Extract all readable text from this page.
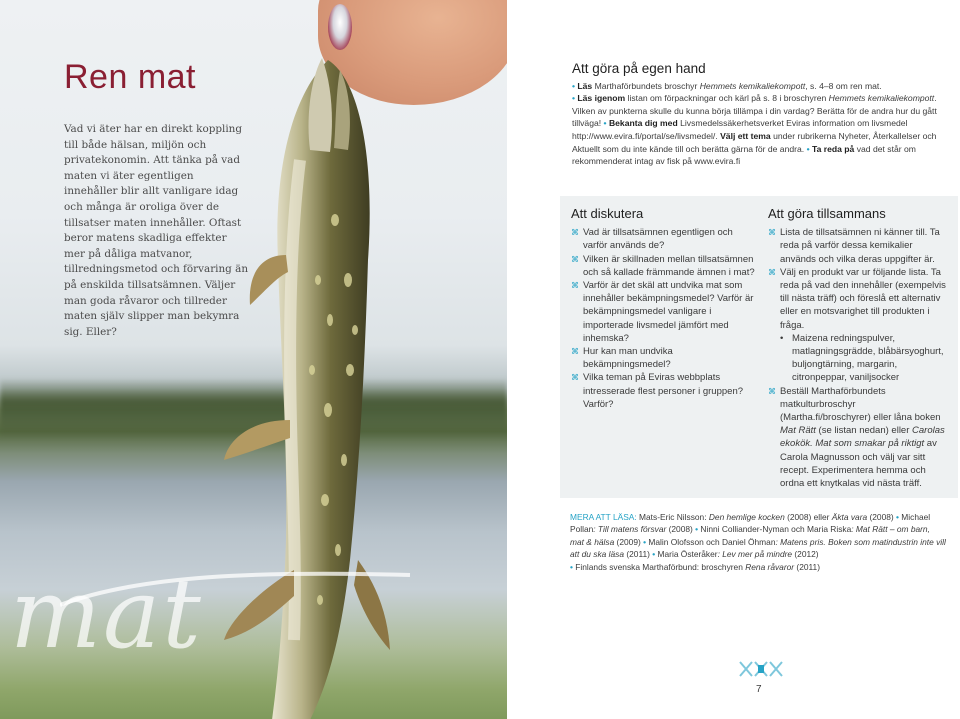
Ren mat

Vad vi äter har en direkt koppling till både hälsan, miljön och privatekonomin. Att tänka på vad maten vi äter egentligen innehåller blir allt vanligare idag och många är oroliga över de tillsatser maten innehåller. Oftast beror matens skadliga effekter mer på dåliga matvanor, tillredningsmetod och förvaring än på enskilda tillsatsämnen. Väljer man goda råvaror och tillreder maten själv slipper man bekymra sig. Eller?

mat
Att göra på egen hand
• Läs Marthaförbundets broschyr Hemmets kemikaliekompott, s. 4–8 om ren mat.
• Läs igenom listan om förpackningar och kärl på s. 8 i broschyren Hemmets kemikaliekompott. Vilken av punkterna skulle du kunna börja tillämpa i din vardag? Berätta för de andra hur du gått tillväga! • Bekanta dig med Livsmedelssäkerhetsverket Eviras information om livsmedel http://www.evira.fi/portal/se/livsmedel/. Välj ett tema under rubrikerna Nyheter, Återkallelser och Aktuellt som du inte kände till och berätta gärna för de andra. • Ta reda på vad det står om rekommenderat intag av fisk på www.evira.fi
Att diskutera
⌘ Vad är tillsatsämnen egentligen och varför används de?
⌘ Vilken är skillnaden mellan tillsatsämnen och så kallade främmande ämnen i mat?
⌘ Varför är det skäl att undvika mat som innehåller bekämpningsmedel? Varför är bekämpningsmedel vanligare i importerade livsmedel jämfört med inhemska?
⌘ Hur kan man undvika bekämpningsmedel?
⌘ Vilka teman på Eviras webbplats intresserade flest personer i gruppen? Varför?
Att göra tillsammans
⌘ Lista de tillsatsämnen ni känner till. Ta reda på varför dessa kemikalier används och vilka deras uppgifter är.
⌘ Välj en produkt var ur följande lista. Ta reda på vad den innehåller (exempelvis till nästa träff) och föreslå ett alternativ eller en motsvarighet till produkten i fråga.
• Maizena redningspulver, matlagningsgrädde, blåbärsyoghurt, buljongtärning, margarin, citronpeppar, vaniljsocker
⌘ Beställ Marthaförbundets matkulturbroschyr (Martha.fi/broschyrer) eller låna boken Mat Rätt (se listan nedan) eller Carolas ekokök. Mat som smakar på riktigt av Carola Magnusson och välj var sitt recept. Experimentera hemma och ordna ett knytkalas vid nästa träff.
MERA ATT LÄSA: Mats-Eric Nilsson: Den hemlige kocken (2008) eller Äkta vara (2008) • Michael Pollan: Till matens försvar (2008) • Ninni Colliander-Nyman och Maria Riska: Mat Rätt – om barn, mat & hälsa (2009) • Malin Olofsson och Daniel Öhman: Matens pris. Boken som matindustrin inte vill att du ska läsa (2011) • Maria Österåker: Lev mer på mindre (2012)
• Finlands svenska Marthaförbund: broschyren Rena råvaror (2011)
7
